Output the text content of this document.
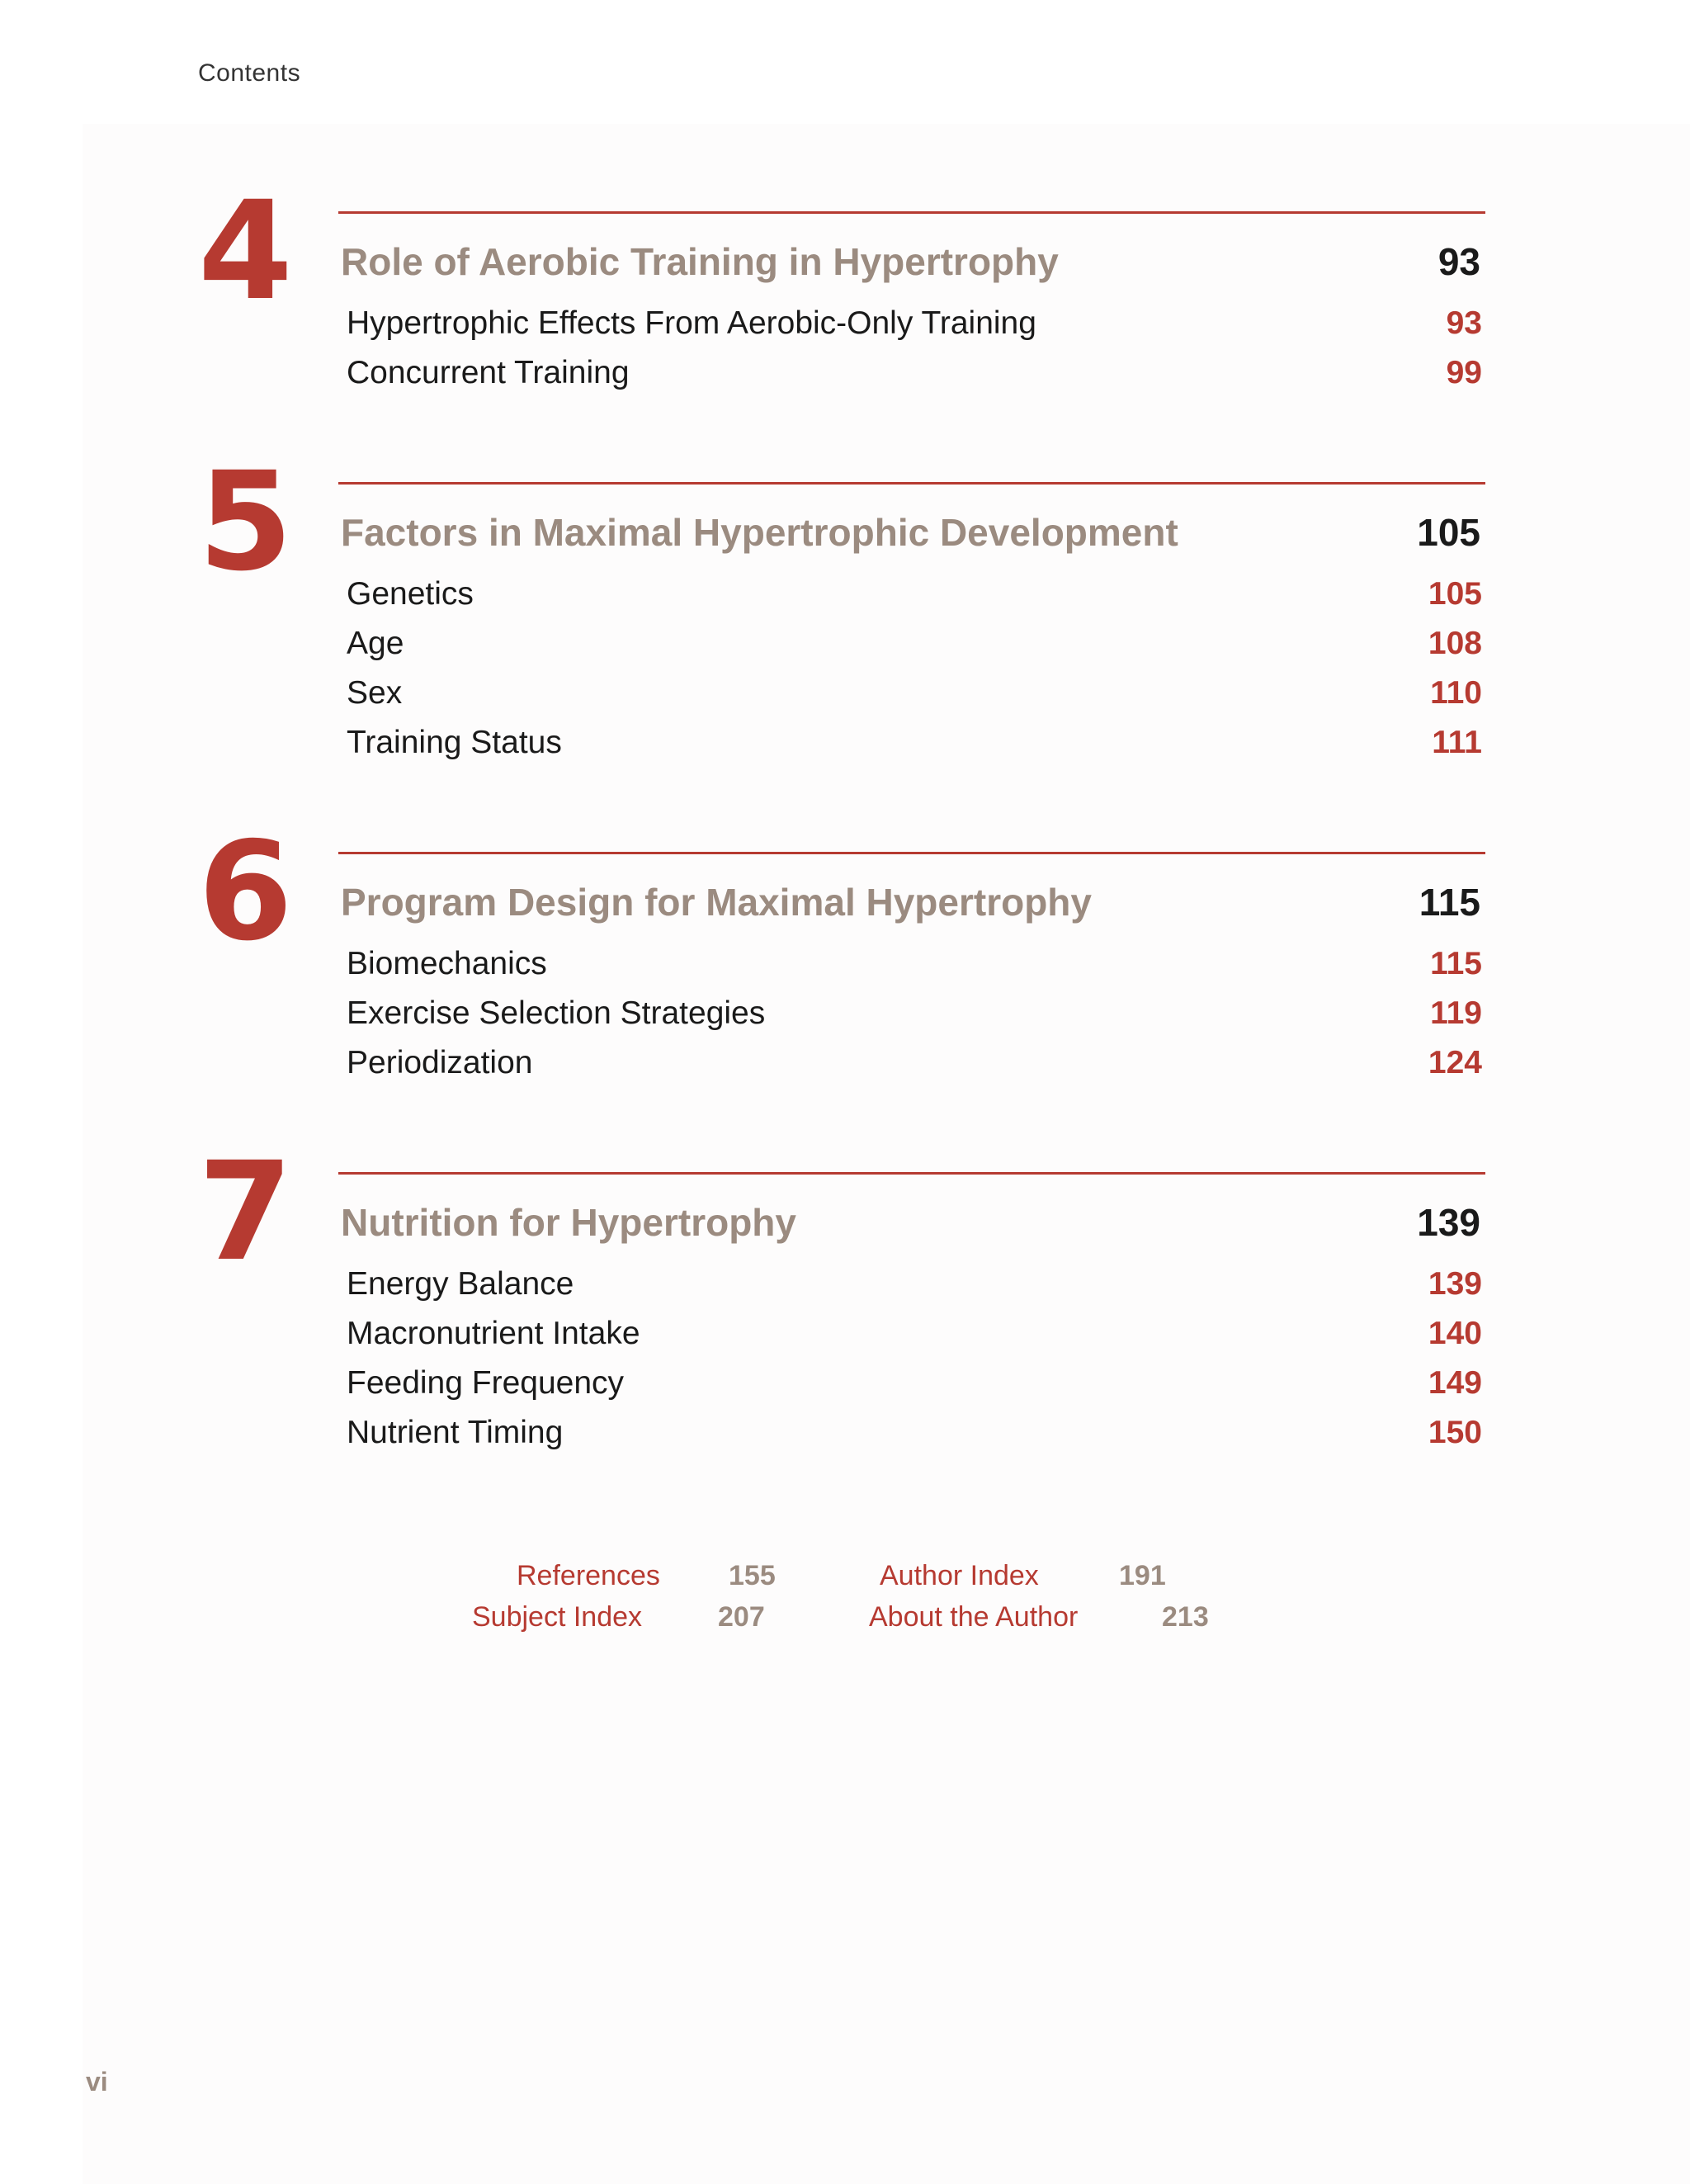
Contents
4 Role of Aerobic Training in Hypertrophy	93
Hypertrophic Effects From Aerobic-Only Training	93
Concurrent Training	99
5 Factors in Maximal Hypertrophic Development	105
Genetics	105
Age	108
Sex	110
Training Status	111
6 Program Design for Maximal Hypertrophy	115
Biomechanics	115
Exercise Selection Strategies	119
Periodization	124
7 Nutrition for Hypertrophy	139
Energy Balance	139
Macronutrient Intake	140
Feeding Frequency	149
Nutrient Timing	150
References 155	Author Index	191
Subject Index	207	About the Author	213
vi
